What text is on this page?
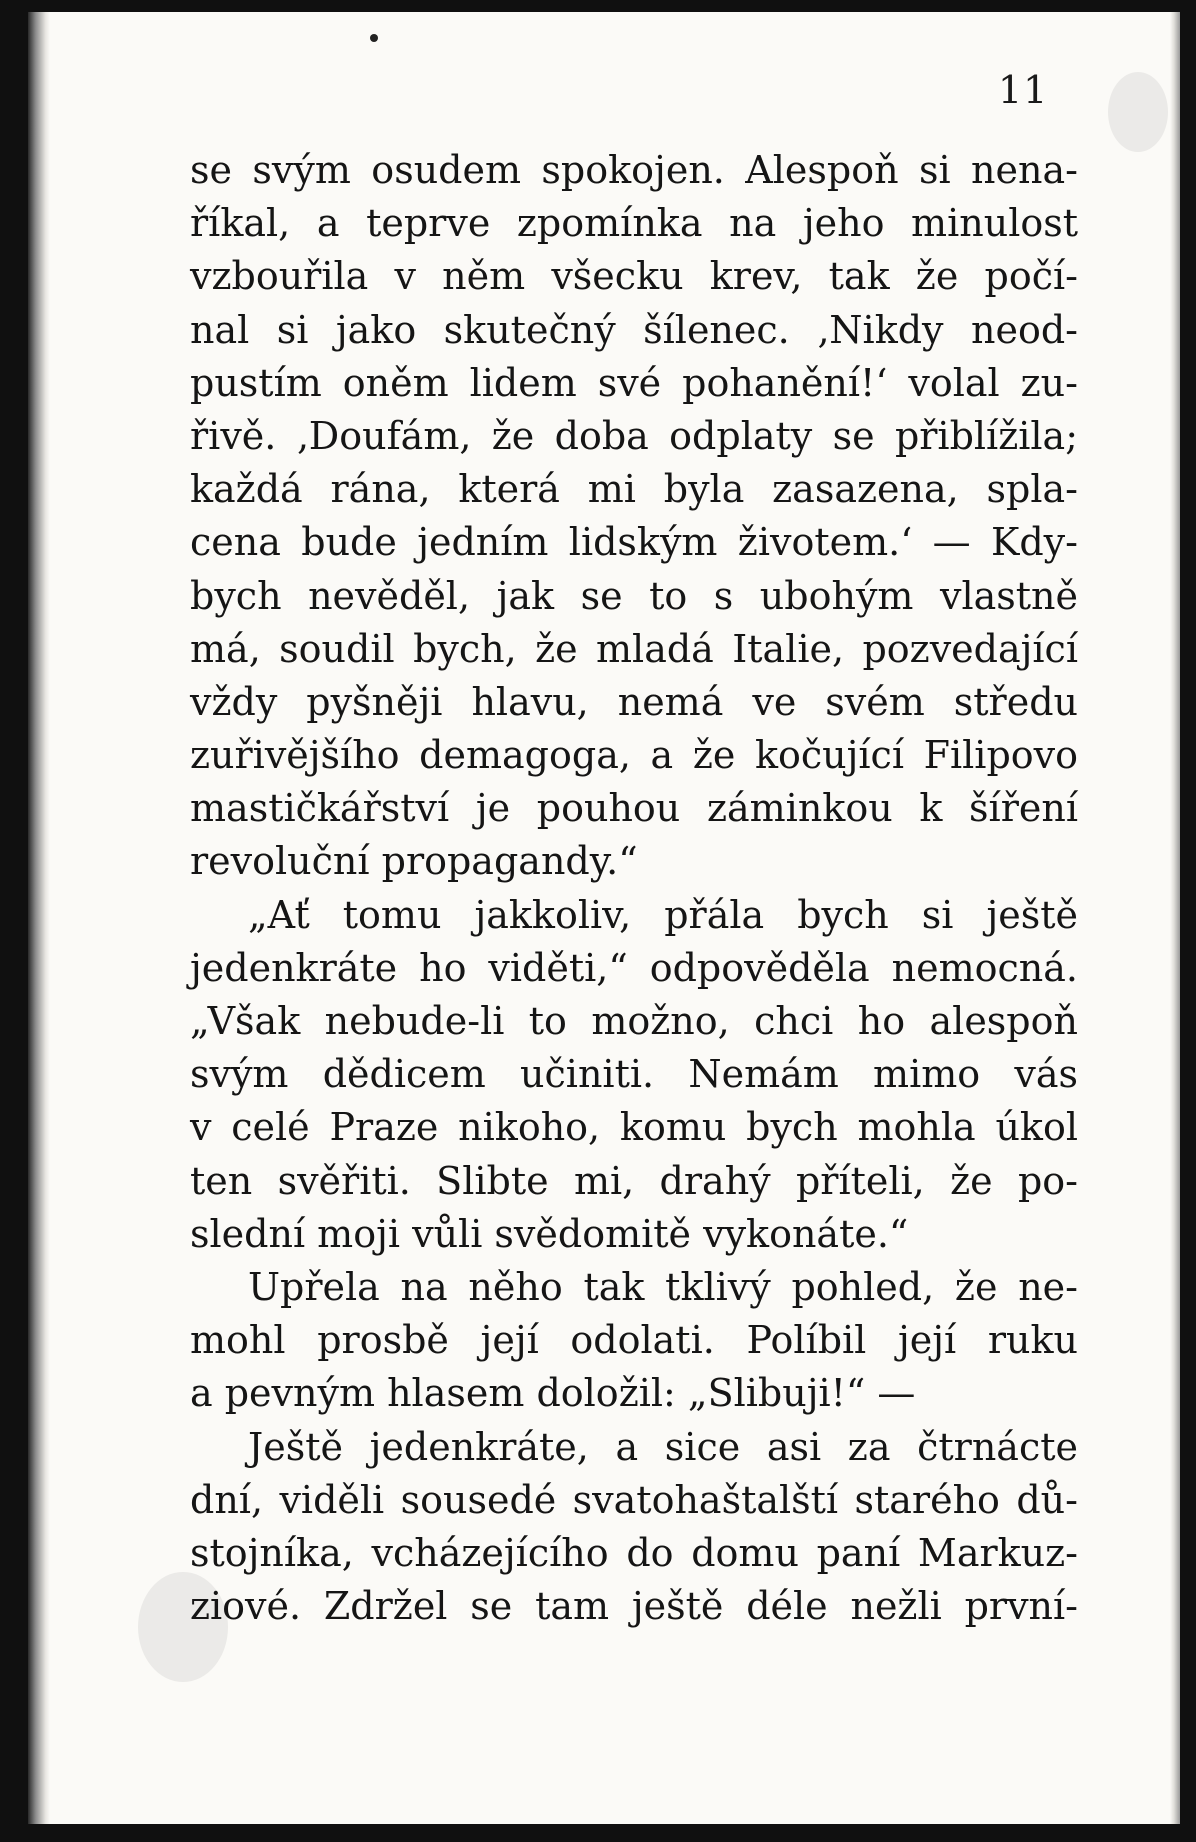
11
se svým osudem spokojen. Alespoň si nena-
říkal, a teprve zpomínka na jeho minulost
vzbouřila v něm všecku krev, tak že počí-
nal si jako skutečný šílenec. ‚Nikdy neod-
pustím oněm lidem své pohanění!‘ volal zu-
řivě. ‚Doufám, že doba odplaty se přiblížila;
každá rána, která mi byla zasazena, spla-
cena bude jedním lidským životem.‘ — Kdy-
bych nevěděl, jak se to s ubohým vlastně
má, soudil bych, že mladá Italie, pozvedající
vždy pyšněji hlavu, nemá ve svém středu
zuřivějšího demagoga, a že kočující Filipovo
mastičkářství je pouhou záminkou k šíření
revoluční propagandy.“
„Ať tomu jakkoliv, přála bych si ještě
jedenkráte ho viděti,“ odpověděla nemocná.
„Však nebude-li to možno, chci ho alespoň
svým dědicem učiniti. Nemám mimo vás
v celé Praze nikoho, komu bych mohla úkol
ten svěřiti. Slibte mi, drahý příteli, že po-
slední moji vůli svědomitě vykonáte.“
Upřela na něho tak tklivý pohled, že ne-
mohl prosbě její odolati. Políbil její ruku
a pevným hlasem doložil: „Slibuji!“ —
Ještě jedenkráte, a sice asi za čtrnácte
dní, viděli sousedé svatohaštalští starého dů-
stojníka, vcházejícího do domu paní Markuz-
ziové. Zdržel se tam ještě déle nežli první-
